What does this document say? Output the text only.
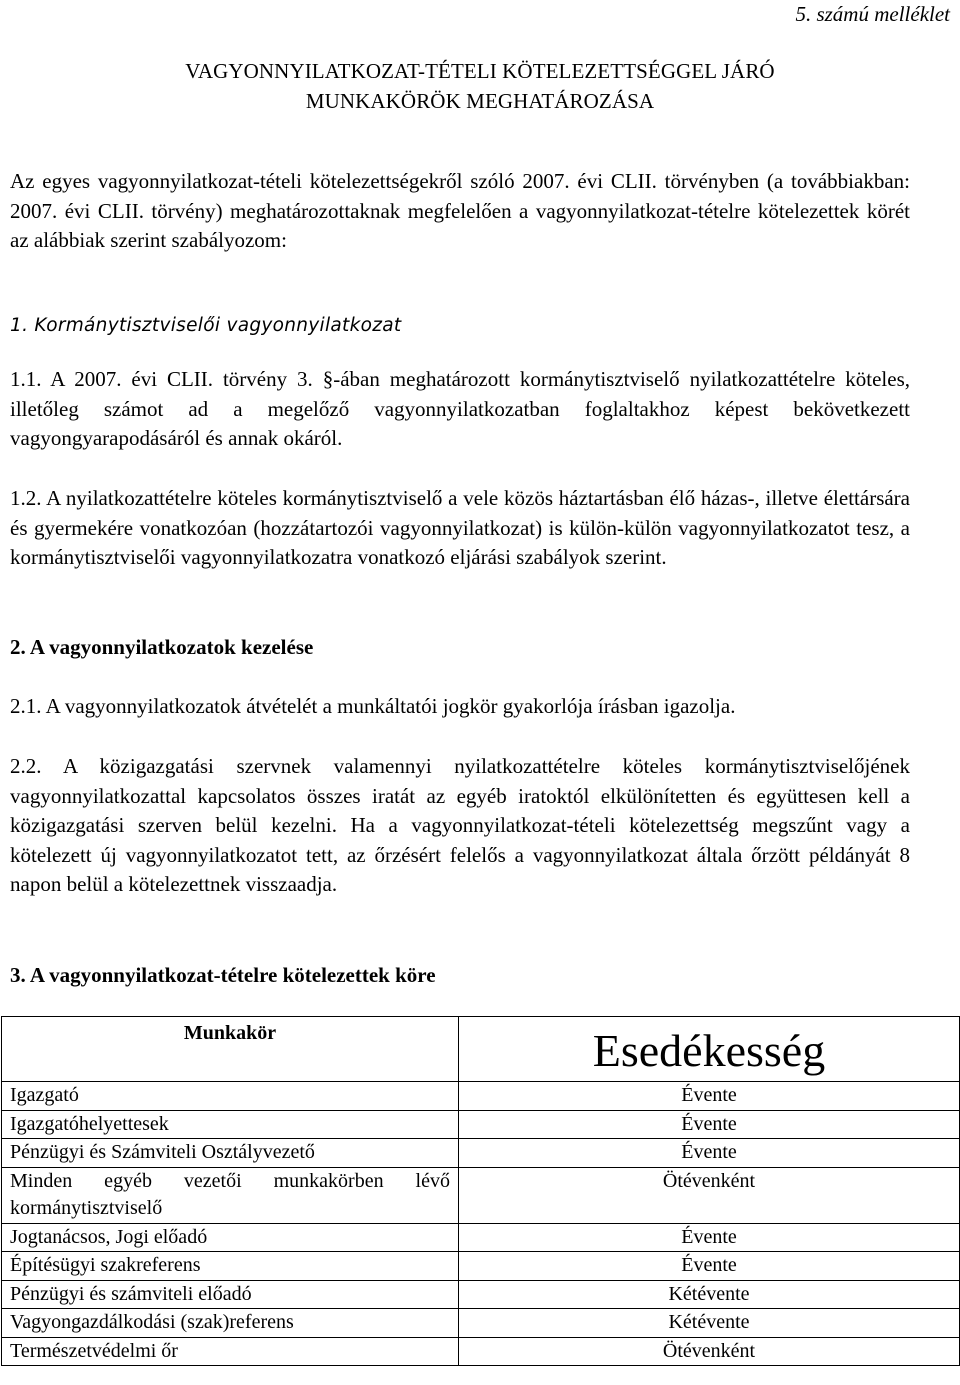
5. számú melléklet
VAGYONNYILATKOZAT-TÉTELI KÖTELEZETTSÉGGEL JÁRÓ
MUNKAKÖRÖK MEGHATÁROZÁSA

Az egyes vagyonnyilatkozat-tételi kötelezettségekről szóló 2007. évi CLII. törvényben (a továbbiakban: 2007. évi CLII. törvény) meghatározottaknak megfelelően a vagyonnyilatkozat-tételre kötelezettek körét az alábbiak szerint szabályozom:

1. Kormánytisztviselői vagyonnyilatkozat

1.1. A 2007. évi CLII. törvény 3. §-ában meghatározott kormánytisztviselő nyilatkozattételre köteles, illetőleg számot ad a megelőző vagyonnyilatkozatban foglaltakhoz képest bekövetkezett vagyongyarapodásáról és annak okáról.

1.2. A nyilatkozattételre köteles kormánytisztviselő a vele közös háztartásban élő házas-, illetve élettársára és gyermekére vonatkozóan (hozzátartozói vagyonnyilatkozat) is külön-külön vagyonnyilatkozatot tesz, a kormánytisztviselői vagyonnyilatkozatra vonatkozó eljárási szabályok szerint.

2. A vagyonnyilatkozatok kezelése

2.1. A vagyonnyilatkozatok átvételét a munkáltatói jogkör gyakorlója írásban igazolja.

2.2. A közigazgatási szervnek valamennyi nyilatkozattételre köteles kormánytisztviselőjének vagyonnyilatkozattal kapcsolatos összes iratát az egyéb iratoktól elkülönítetten és együttesen kell a közigazgatási szerven belül kezelni. Ha a vagyonnyilatkozat-tételi kötelezettség megszűnt vagy a kötelezett új vagyonnyilatkozatot tett, az őrzésért felelős a vagyonnyilatkozat általa őrzött példányát 8 napon belül a kötelezettnek visszaadja.

3. A vagyonnyilatkozat-tételre kötelezettek köre
Munkakör	Esedékesség
Igazgató	Évente
Igazgatóhelyettesek	Évente
Pénzügyi és Számviteli Osztályvezető	Évente
Minden egyéb vezetői munkakörben lévő kormánytisztviselő	Ötévenként
Jogtanácsos, Jogi előadó	Évente
Építésügyi szakreferens	Évente
Pénzügyi és számviteli előadó	Kétévente
Vagyongazdálkodási (szak)referens	Kétévente
Természetvédelmi őr	Ötévenként
